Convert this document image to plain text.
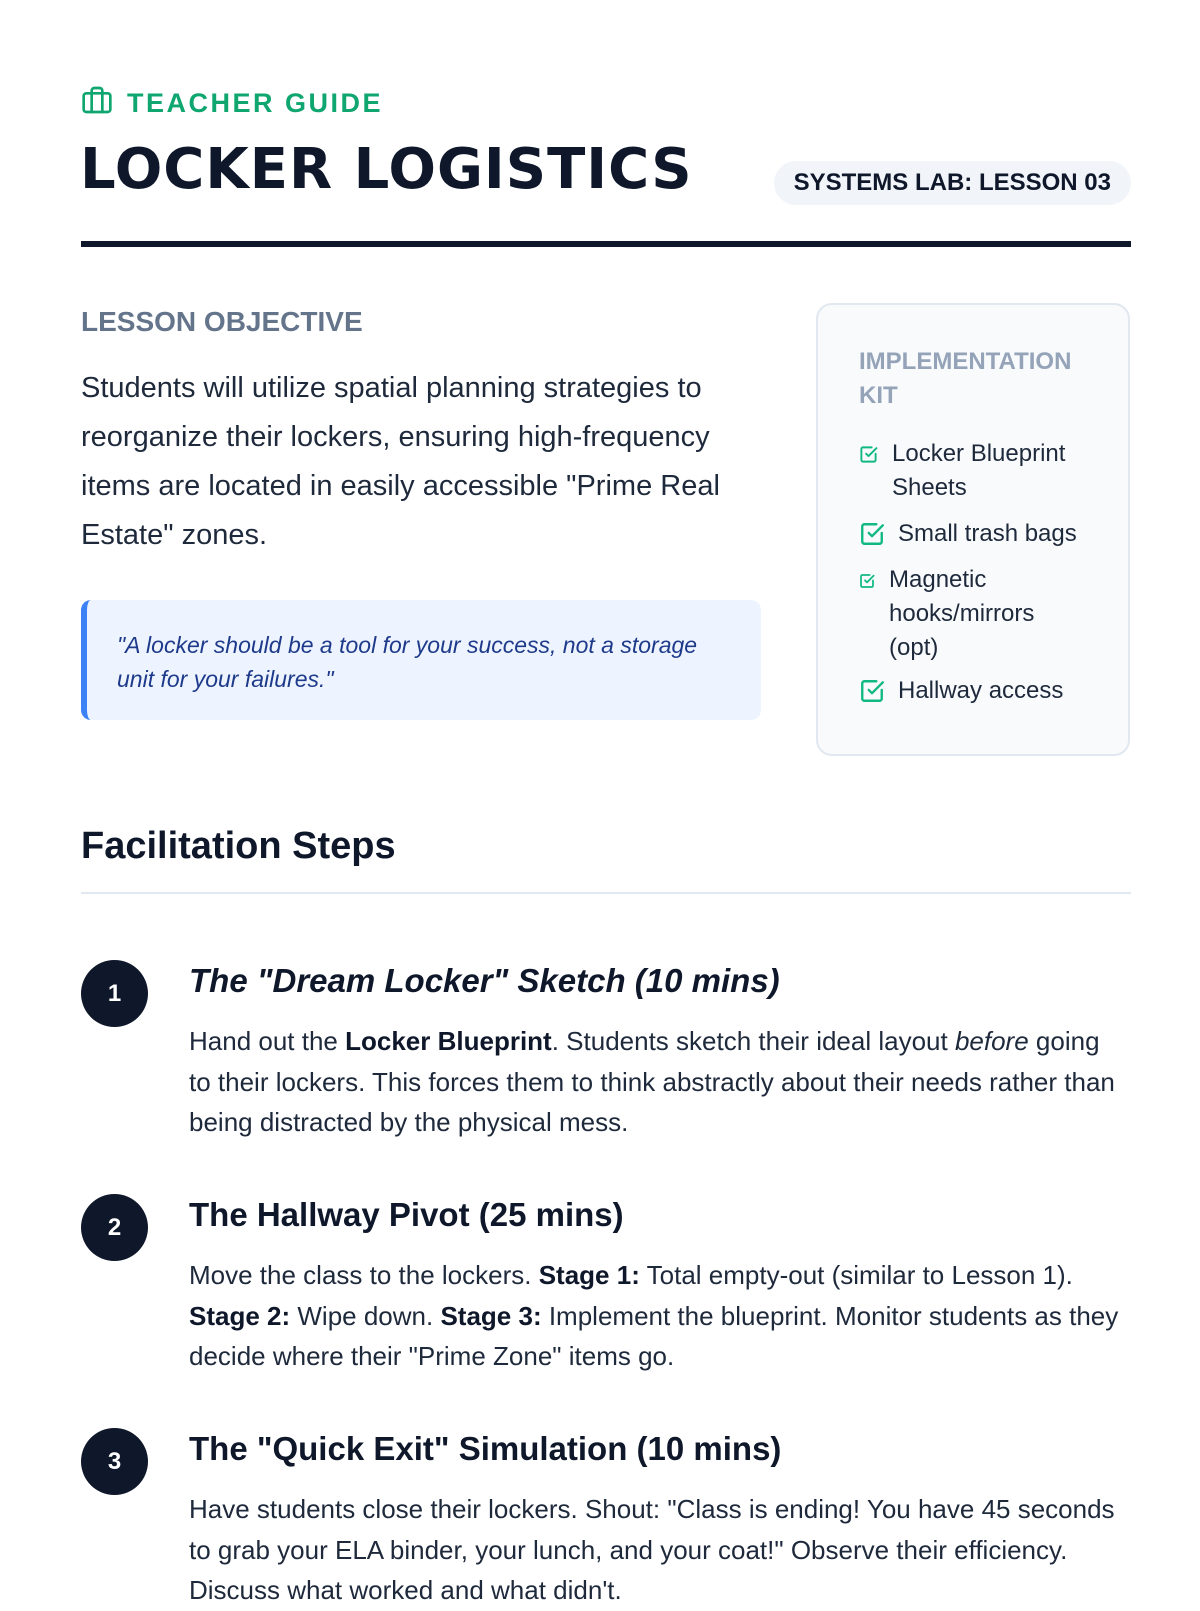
TEACHER GUIDE
LOCKER LOGISTICS	SYSTEMS LAB: LESSON 03
LESSON OBJECTIVE
Students will utilize spatial planning strategies to reorganize their lockers, ensuring high-frequency items are located in easily accessible "Prime Real Estate" zones.
"A locker should be a tool for your success, not a storage unit for your failures."
IMPLEMENTATION KIT
Locker Blueprint Sheets
Small trash bags
Magnetic hooks/mirrors (opt)
Hallway access
Facilitation Steps
1	The "Dream Locker" Sketch (10 mins)
Hand out the Locker Blueprint. Students sketch their ideal layout before going to their lockers. This forces them to think abstractly about their needs rather than being distracted by the physical mess.
2	The Hallway Pivot (25 mins)
Move the class to the lockers. Stage 1: Total empty-out (similar to Lesson 1). Stage 2: Wipe down. Stage 3: Implement the blueprint. Monitor students as they decide where their "Prime Zone" items go.
3	The "Quick Exit" Simulation (10 mins)
Have students close their lockers. Shout: "Class is ending! You have 45 seconds to grab your ELA binder, your lunch, and your coat!" Observe their efficiency. Discuss what worked and what didn't.
